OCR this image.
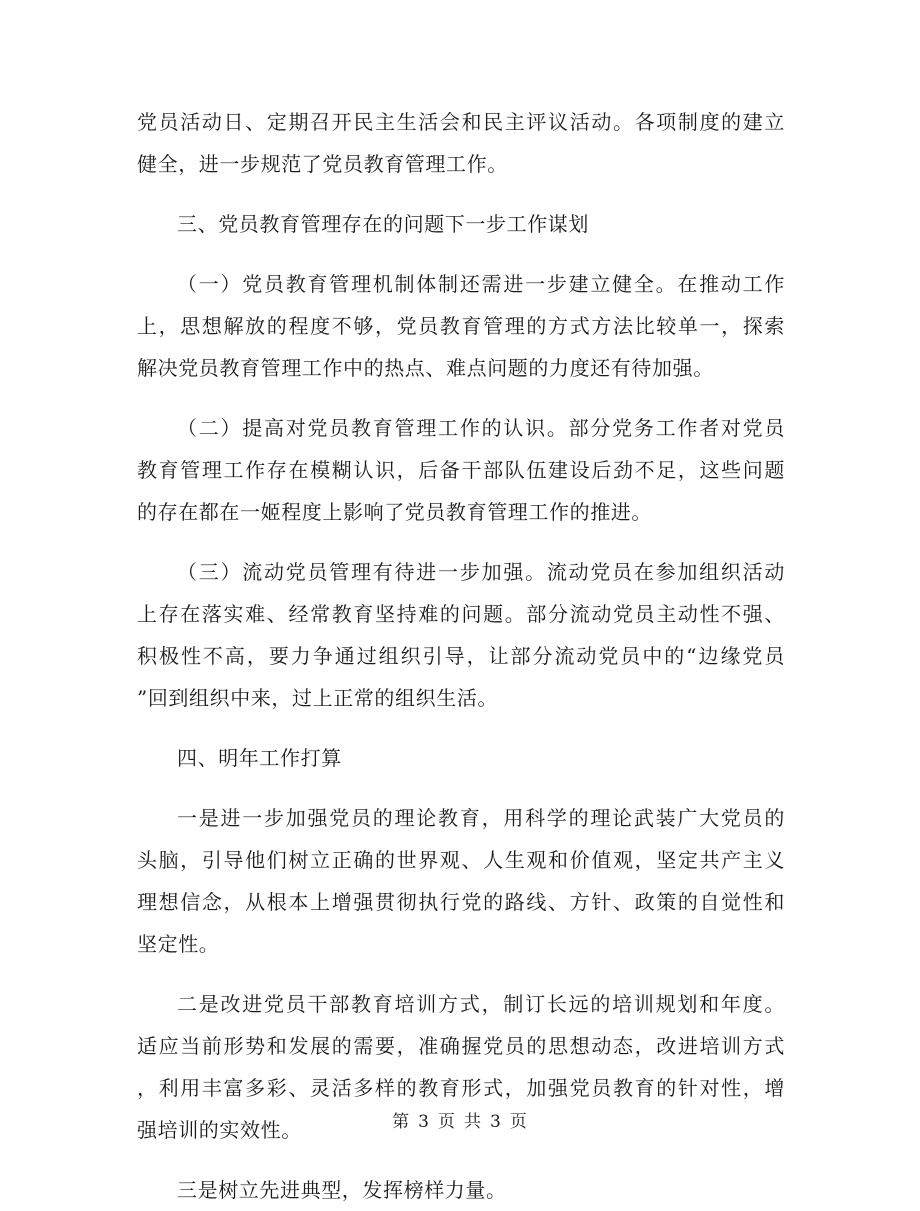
党员活动日、定期召开民主生活会和民主评议活动。各项制度的建立
健全，进一步规范了党员教育管理工作。
三、党员教育管理存在的问题下一步工作谋划
（一）党员教育管理机制体制还需进一步建立健全。在推动工作
上，思想解放的程度不够，党员教育管理的方式方法比较单一，探索
解决党员教育管理工作中的热点、难点问题的力度还有待加强。
（二）提高对党员教育管理工作的认识。部分党务工作者对党员
教育管理工作存在模糊认识，后备干部队伍建设后劲不足，这些问题
的存在都在一姬程度上影响了党员教育管理工作的推进。
（三）流动党员管理有待进一步加强。流动党员在参加组织活动
上存在落实难、经常教育坚持难的问题。部分流动党员主动性不强、
积极性不高，要力争通过组织引导，让部分流动党员中的“边缘党员
”回到组织中来，过上正常的组织生活。
四、明年工作打算
一是进一步加强党员的理论教育，用科学的理论武装广大党员的
头脑，引导他们树立正确的世界观、人生观和价值观，坚定共产主义
理想信念，从根本上增强贯彻执行党的路线、方针、政策的自觉性和
坚定性。
二是改进党员干部教育培训方式，制订长远的培训规划和年度。
适应当前形势和发展的需要，准确握党员的思想动态，改进培训方式
，利用丰富多彩、灵活多样的教育形式，加强党员教育的针对性，增
强培训的实效性。
三是树立先进典型，发挥榜样力量。
第 3 页 共 3 页
